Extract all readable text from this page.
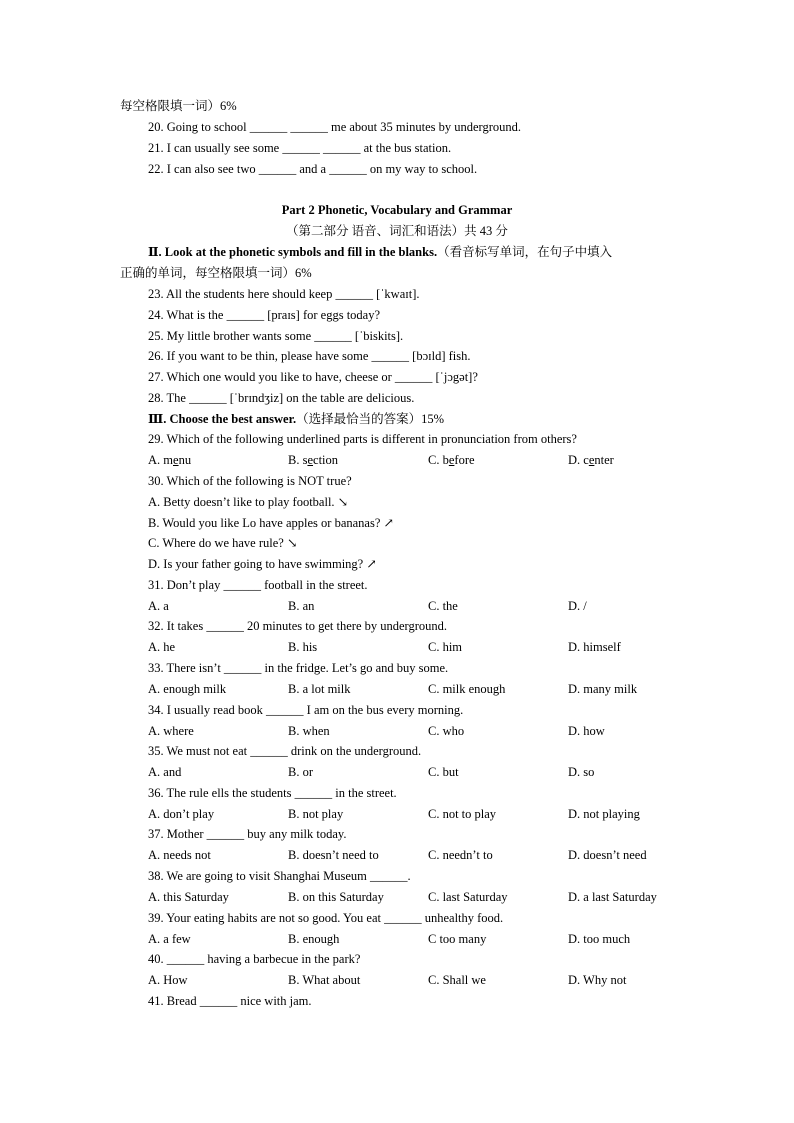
每空格限填一词）6%
20. Going to school ______ ______ me about 35 minutes by underground.
21. I can usually see some ______ ______ at the bus station.
22. I can also see two ______ and a ______ on my way to school.
Part 2 Phonetic, Vocabulary and Grammar
（第二部分 语音、词汇和语法）共 43 分
Ⅱ. Look at the phonetic symbols and fill in the blanks.（看音标写单词，在句子中填入
正确的单词，每空格限填一词）6%
23. All the students here should keep ______ [ˈkwaɪt].
24. What is the ______ [praɪs] for eggs today?
25. My little brother wants some ______ [ˈbiskits].
26. If you want to be thin, please have some ______ [bɔɪld] fish.
27. Which one would you like to have, cheese or ______ [ˈjɔgət]?
28. The ______ [ˈbrɪndʒiz] on the table are delicious.
Ⅲ. Choose the best answer.（选择最恰当的答案）15%
29. Which of the following underlined parts is different in pronunciation from others?
A. menu	B. section	C. before	D. center
30. Which of the following is NOT true?
A. Betty doesn’t like to play football. ↘
B. Would you like Lo have apples or bananas? ↗
C. Where do we have rule? ↘
D. Is your father going to have swimming? ↗
31. Don’t play ______ football in the street.
A. a	B. an	C. the	D. /
32. It takes ______ 20 minutes to get there by underground.
A. he	B. his	C. him	D. himself
33. There isn’t ______ in the fridge. Let’s go and buy some.
A. enough milk	B. a lot milk	C. milk enough	D. many milk
34. I usually read book ______ I am on the bus every morning.
A. where	B. when	C. who	D. how
35. We must not eat ______ drink on the underground.
A. and	B. or	C. but	D. so
36. The rule ells the students ______ in the street.
A. don’t play	B. not play	C. not to play	D. not playing
37. Mother ______ buy any milk today.
A. needs not	B. doesn’t need to	C. needn’t to	D. doesn’t need
38. We are going to visit Shanghai Museum ______.
A. this Saturday	B. on this Saturday	C. last Saturday	D. a last Saturday
39. Your eating habits are not so good. You eat ______ unhealthy food.
A. a few	B. enough	C too many	D. too much
40. ______ having a barbecue in the park?
A. How	B. What about	C. Shall we	D. Why not
41. Bread ______ nice with jam.
